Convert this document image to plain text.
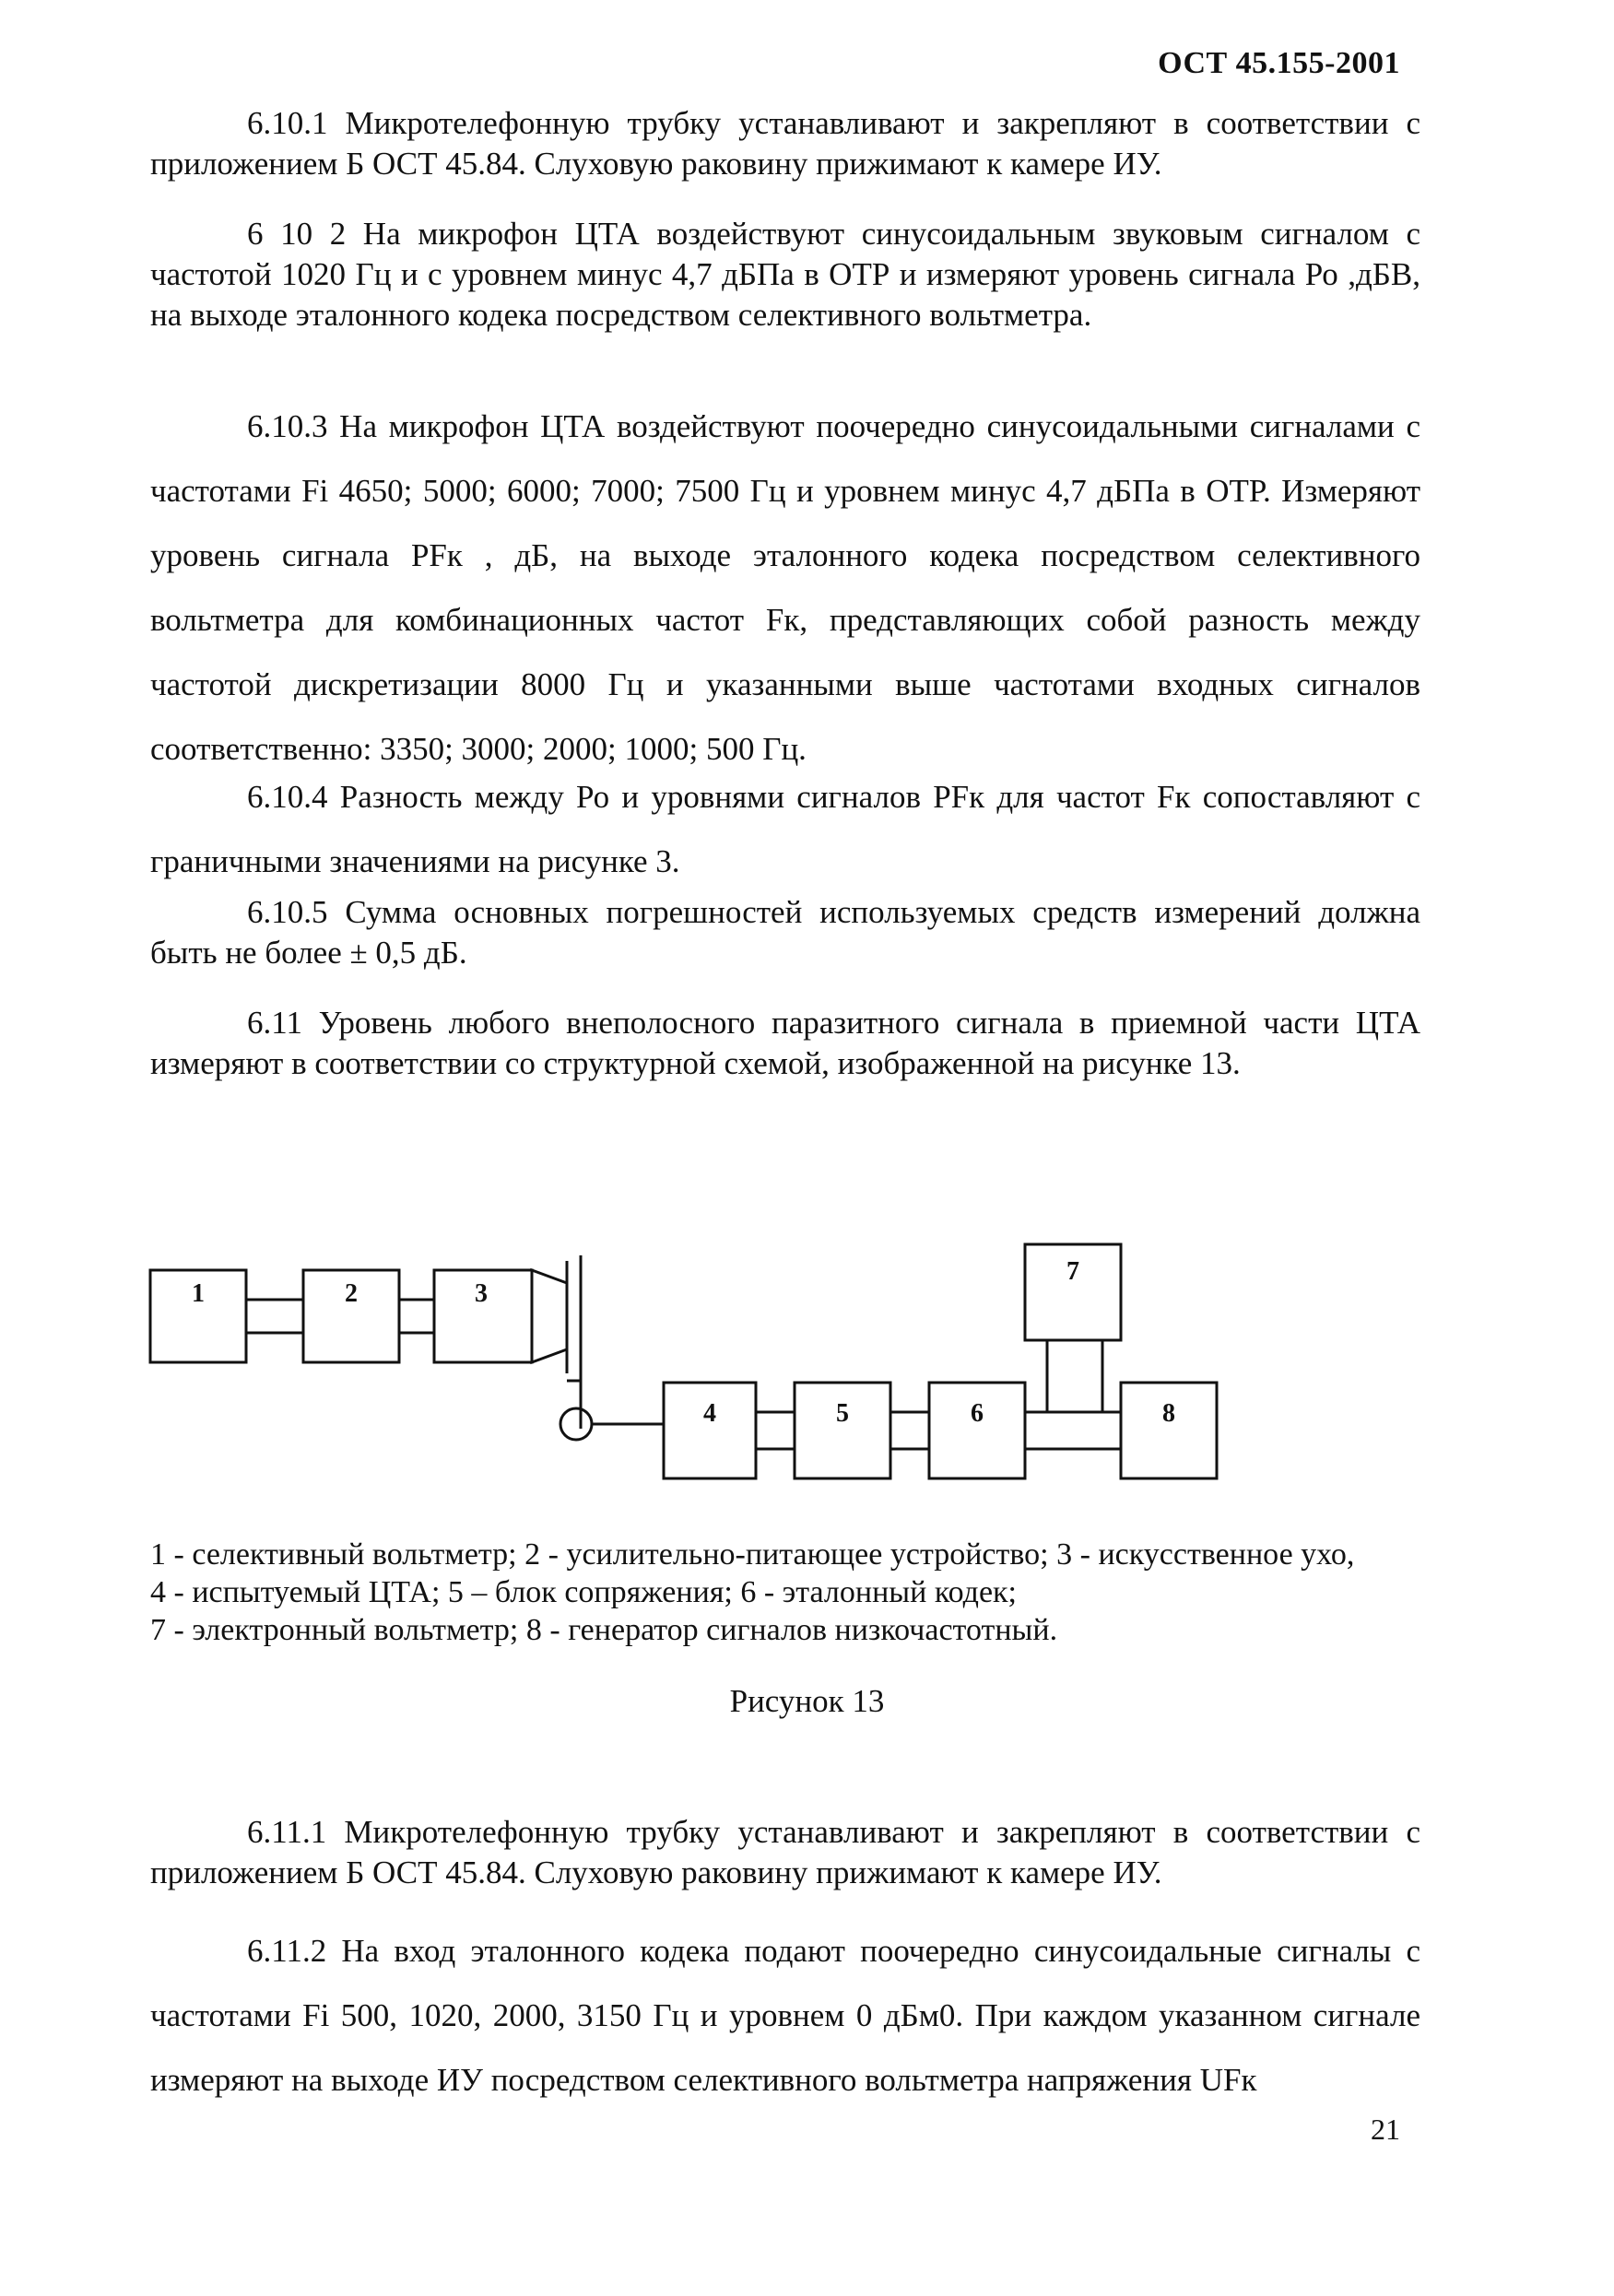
ОСТ 45.155-2001

6.10.1 Микротелефонную трубку устанавливают и закрепляют в соответствии с приложением Б ОСТ 45.84. Слуховую раковину прижимают к камере ИУ.

6 10 2 На микрофон ЦТА воздействуют синусоидальным звуковым сигналом с частотой 1020 Гц и с уровнем минус 4,7 дБПа в ОТР и измеряют уровень сигнала Ро ,дБВ, на выходе эталонного кодека посредством селективного вольтметра.

6.10.3 На микрофон ЦТА воздействуют поочередно синусоидальными сигналами с частотами Fi 4650; 5000; 6000; 7000; 7500 Гц и уровнем минус 4,7 дБПа в ОТР. Измеряют уровень сигнала PFк , дБ, на выходе эталонного кодека посредством селективного вольтметра для комбинационных частот Fк, представляющих собой разность между частотой дискретизации 8000 Гц и указанными выше частотами входных сигналов соответственно: 3350; 3000; 2000; 1000; 500 Гц.

6.10.4 Разность между Ро и уровнями сигналов PFк для частот Fк сопоставляют с граничными значениями на рисунке 3.

6.10.5 Сумма основных погрешностей используемых средств измерений должна быть не более ± 0,5 дБ.

6.11 Уровень любого внеполосного паразитного сигнала в приемной части ЦТА измеряют в соответствии со структурной схемой, изображенной на рисунке 13.

1	2	3
4	5	6
7
8
1 - селективный вольтметр; 2 - усилительно-питающее устройство; 3 - искусственное ухо,
4 - испытуемый ЦТА; 5 – блок сопряжения; 6 - эталонный кодек;
7 - электронный вольтметр; 8 - генератор сигналов низкочастотный.
Рисунок 13

6.11.1 Микротелефонную трубку устанавливают и закрепляют в соответствии с приложением Б ОСТ 45.84. Слуховую раковину прижимают к камере ИУ.

6.11.2 На вход эталонного кодека подают поочередно синусоидальные сигналы с частотами Fi 500, 1020, 2000, 3150 Гц и уровнем 0 дБм0. При каждом указанном сигнале измеряют на выходе ИУ посредством селективного вольтметра напряжения UFк

21
